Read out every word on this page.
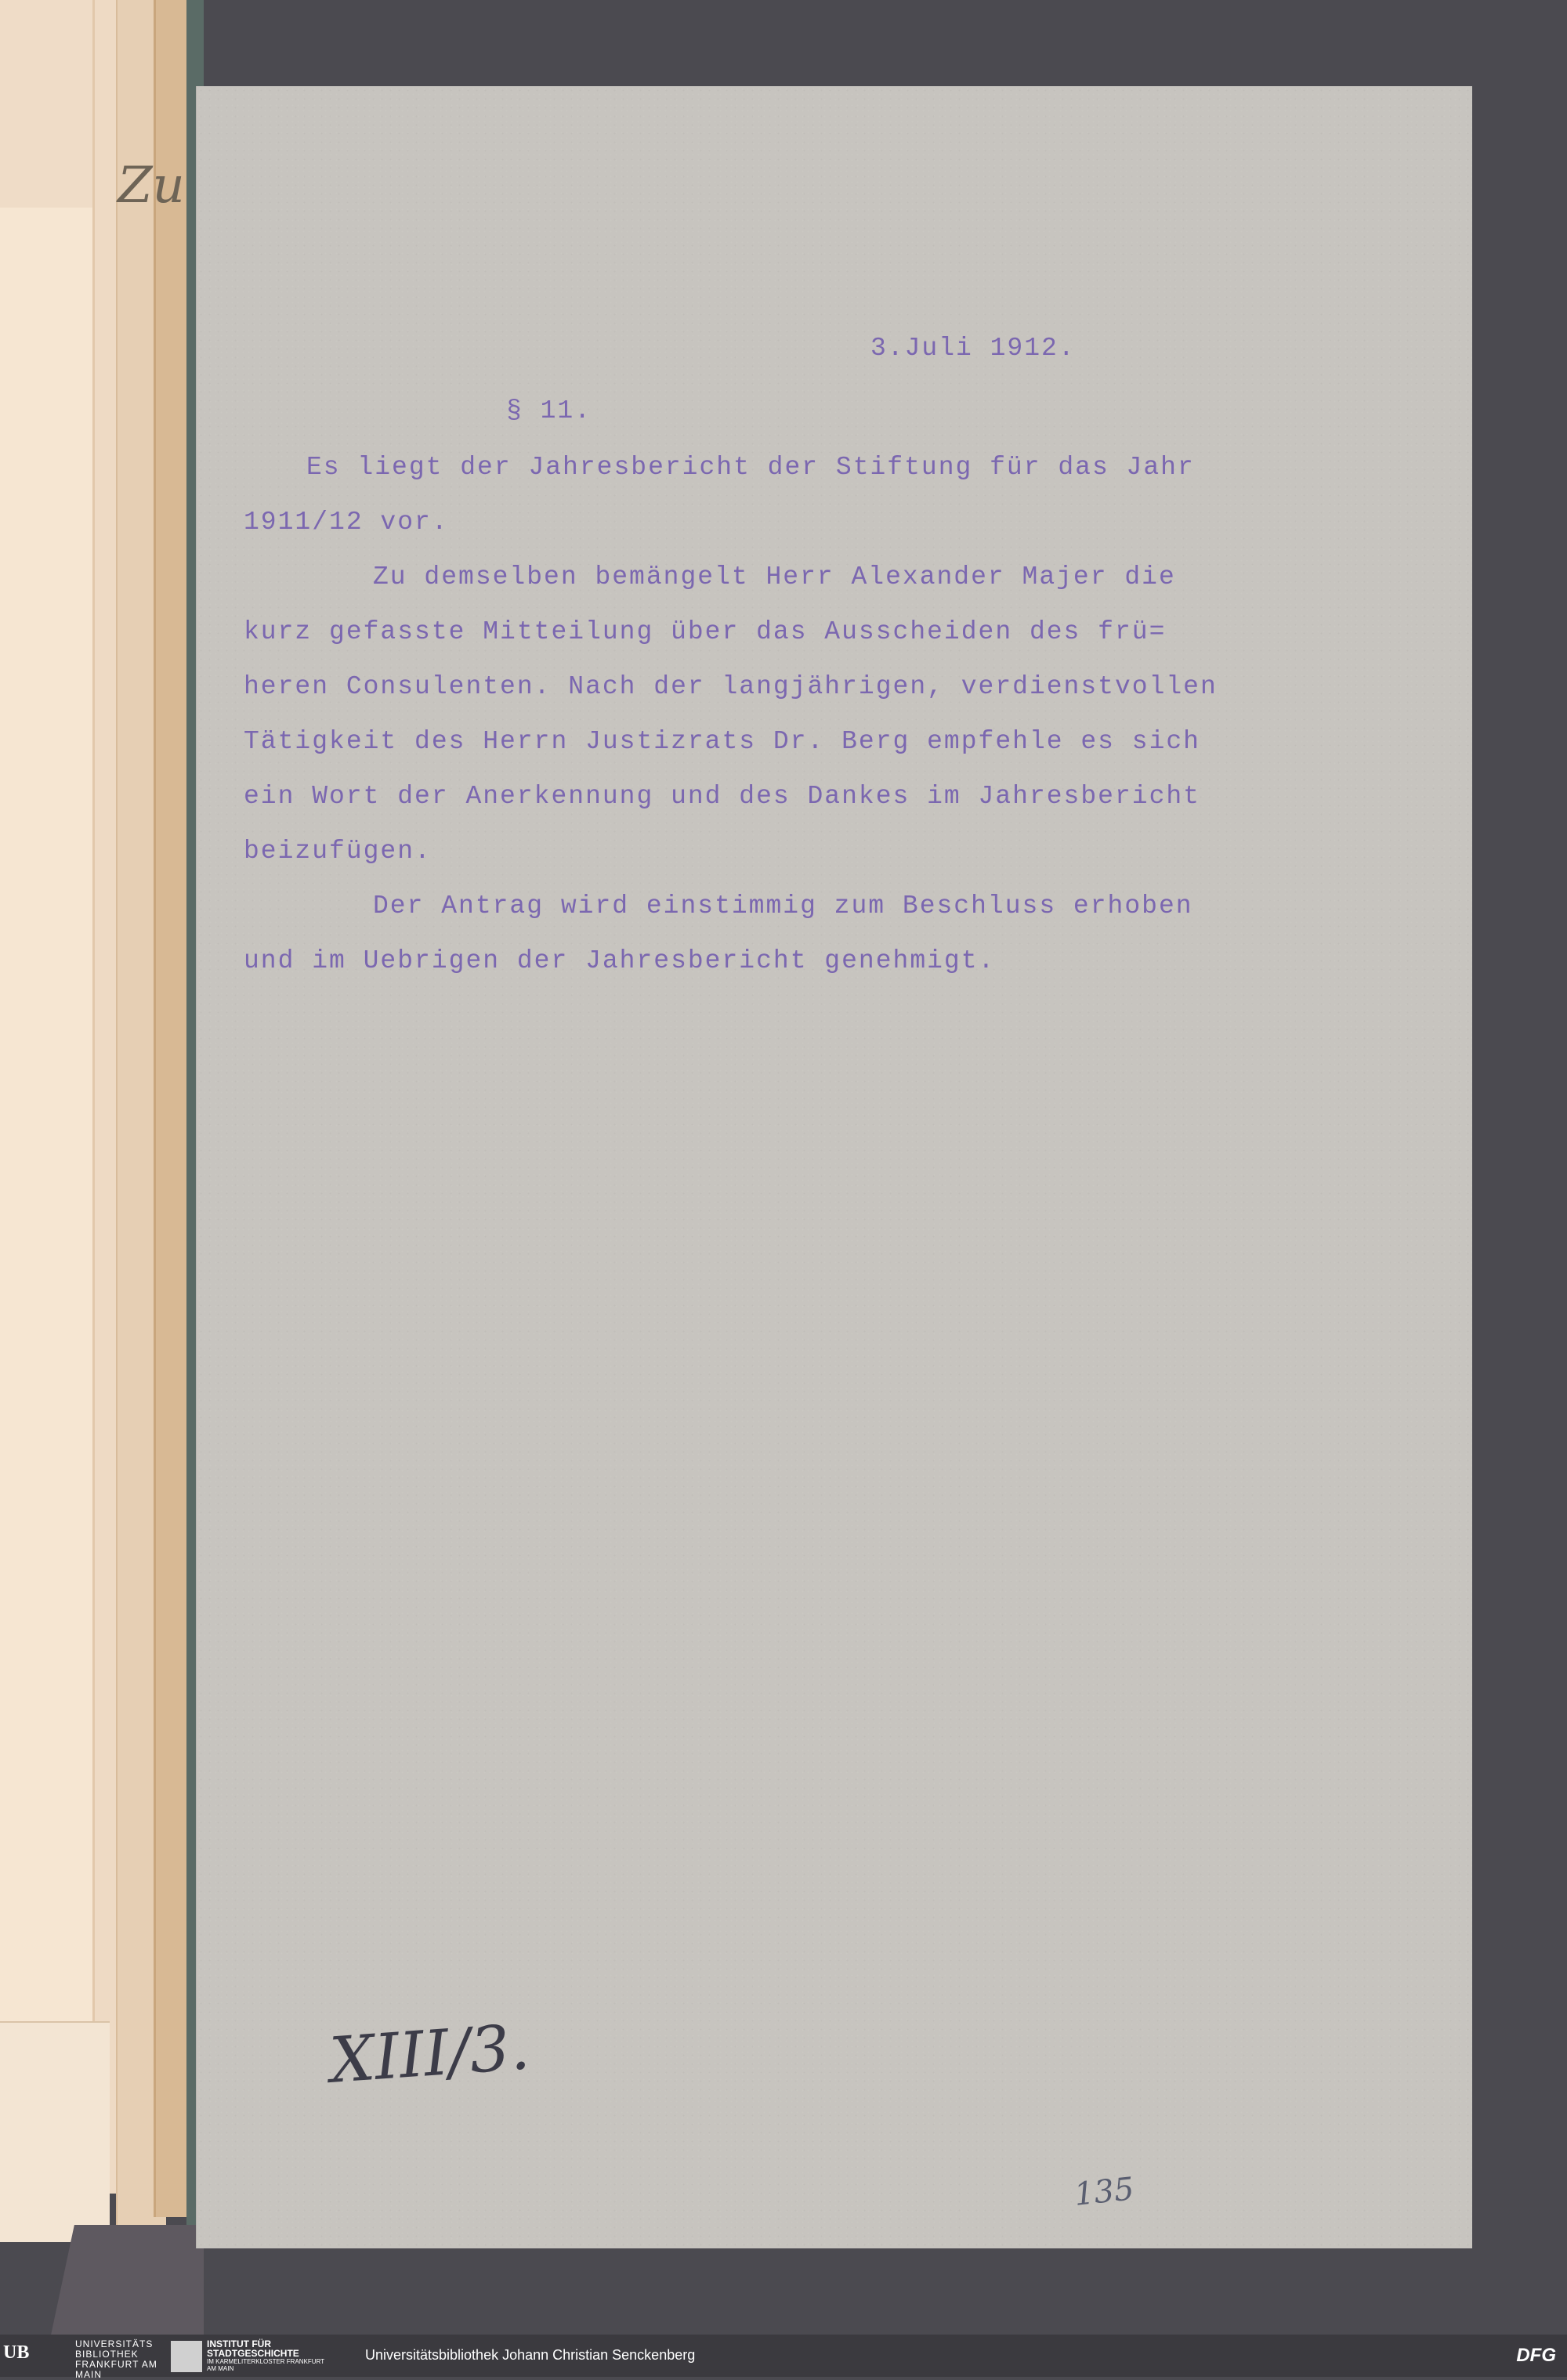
Zu
3.Juli 1912.
§ 11.
Es liegt der Jahresbericht der Stiftung für das Jahr
1911/12 vor.
Zu demselben bemängelt Herr Alexander Majer die
kurz gefasste Mitteilung über das Ausscheiden des frü=
heren Consulenten. Nach der langjährigen, verdienstvollen
Tätigkeit des Herrn Justizrats Dr. Berg empfehle es sich
ein Wort der Anerkennung und des Dankes im Jahresbericht
beizufügen.
Der Antrag wird einstimmig zum Beschluss erhoben
und im Uebrigen der Jahresbericht genehmigt.
XIII/3.
135
UB	UNIVERSITÄTS BIBLIOTHEK FRANKFURT AM MAIN
INSTITUT FÜR STADTGESCHICHTE
IM KARMELITERKLOSTER FRANKFURT AM MAIN
Universitätsbibliothek Johann Christian Senckenberg	DFG
